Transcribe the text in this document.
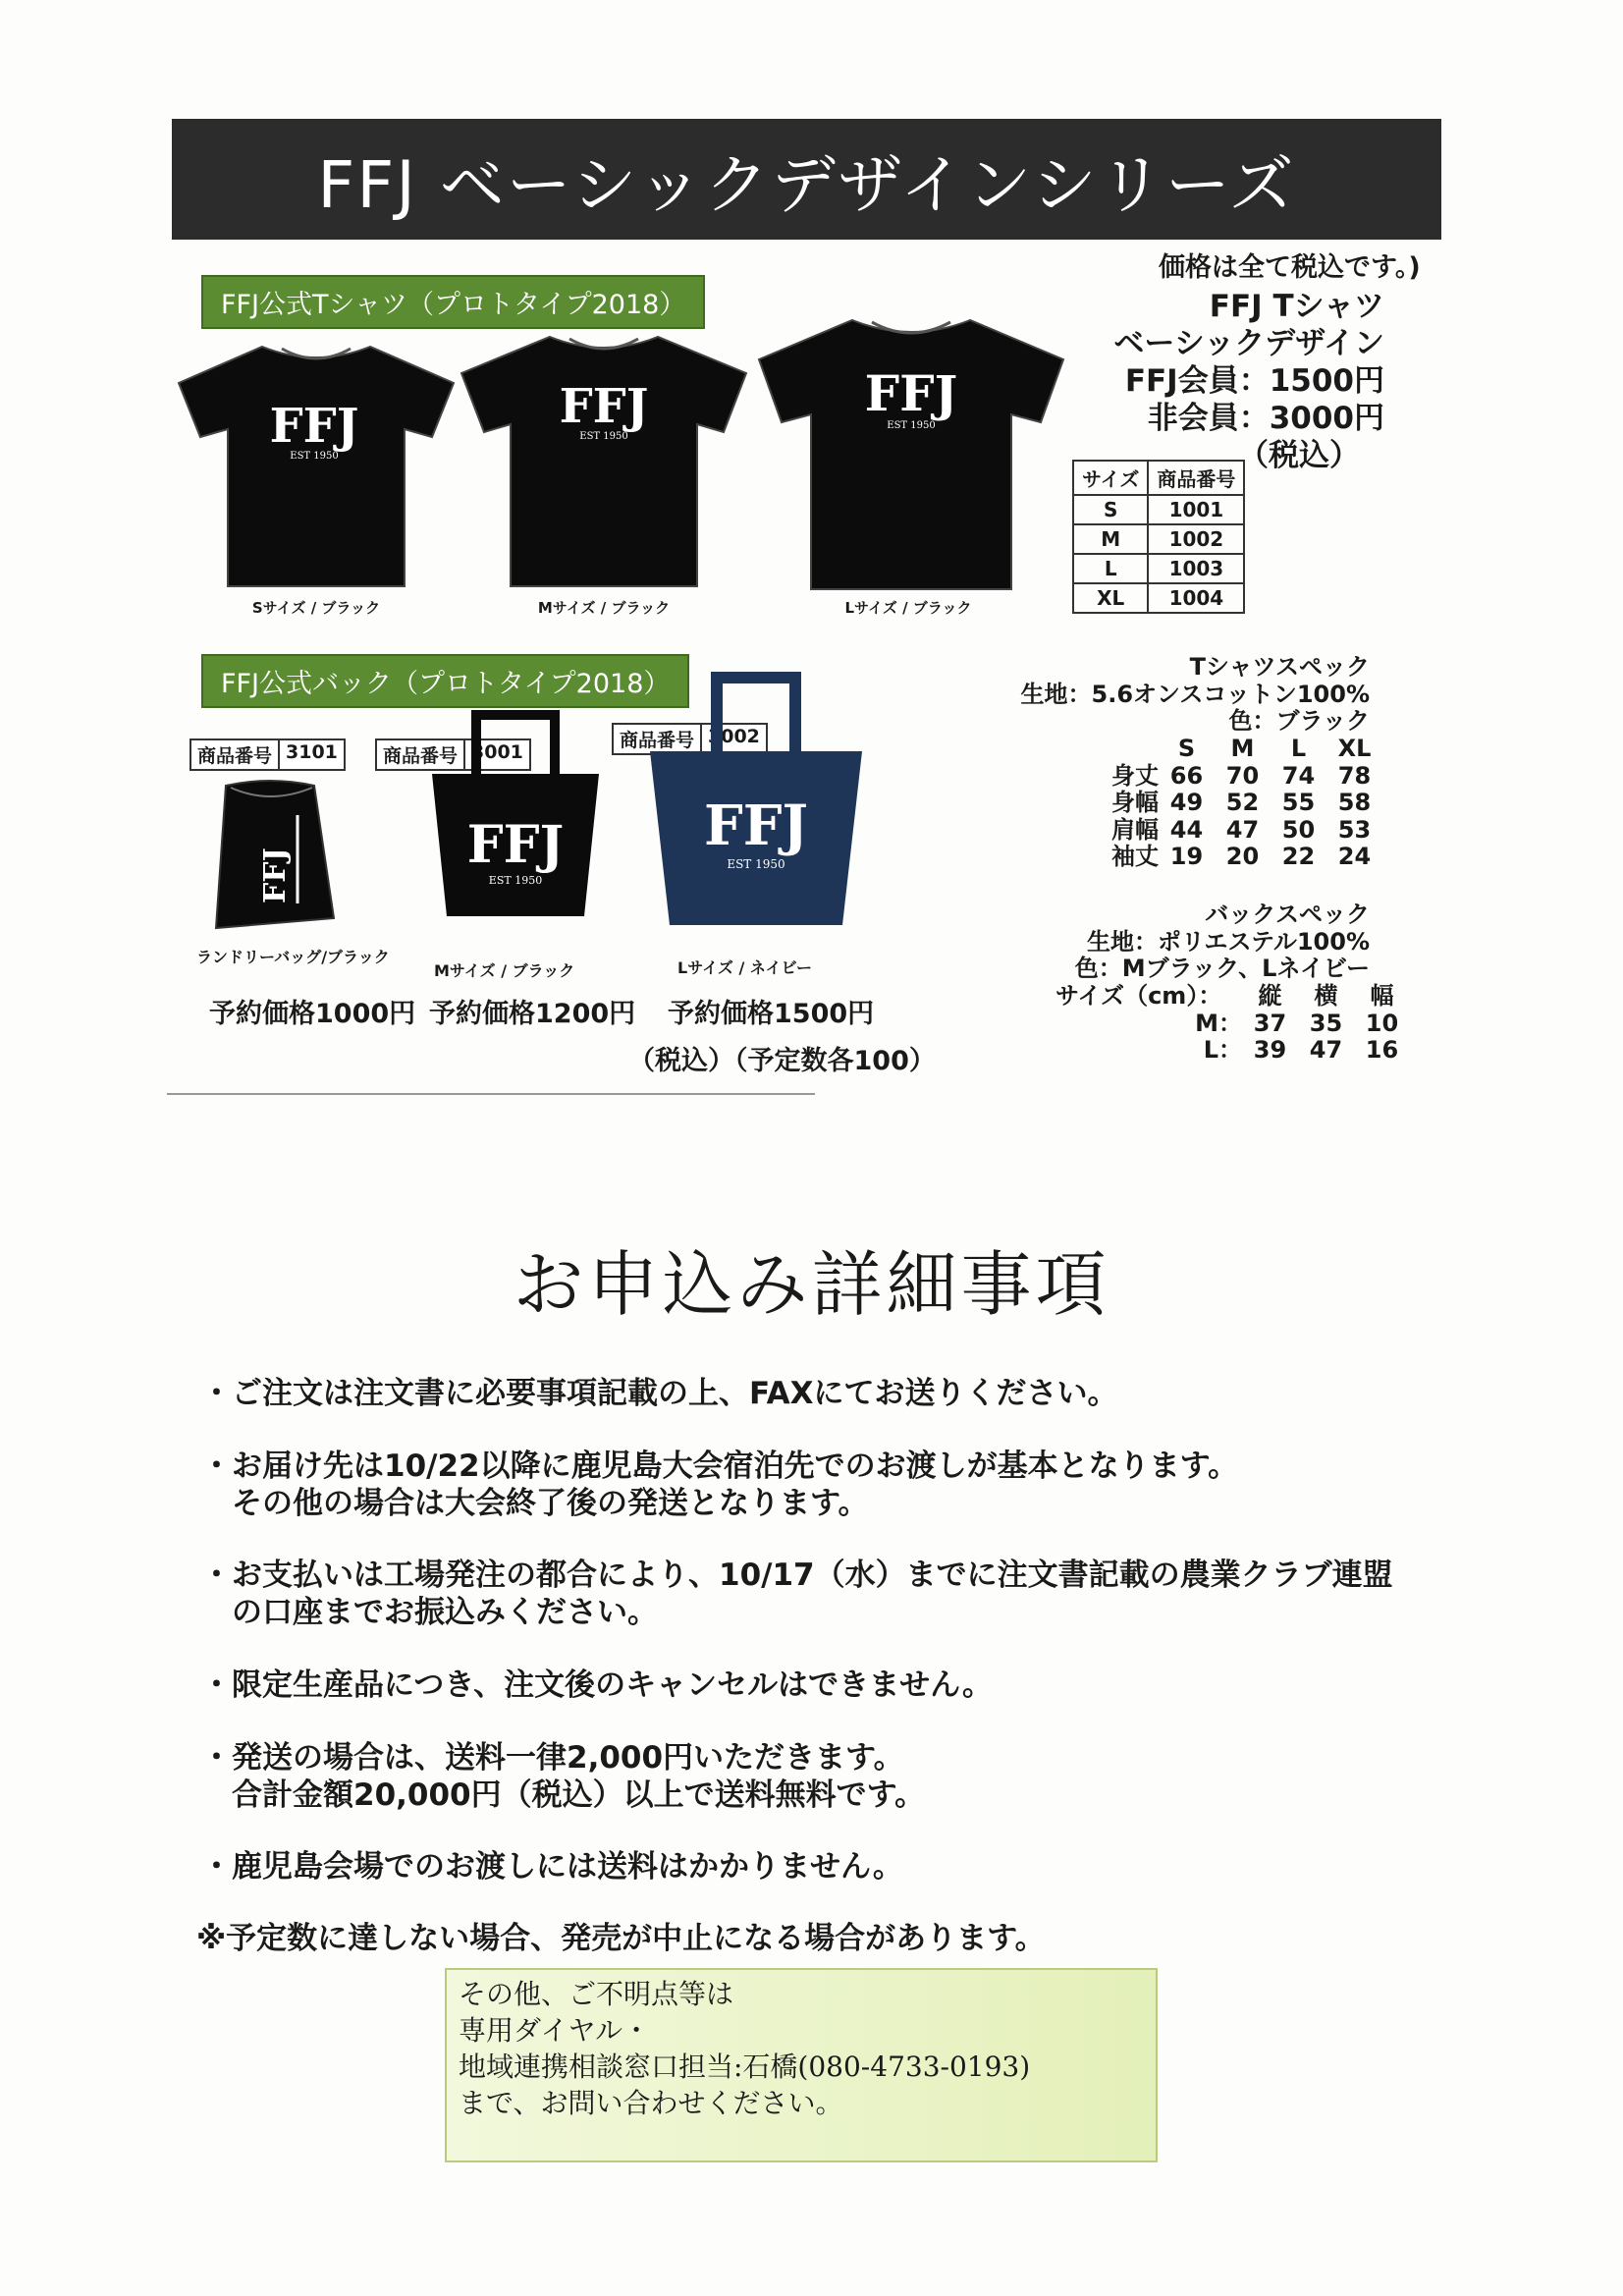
FFJ ベーシックデザインシリーズ
価格は全て税込です。)
FFJ公式Tシャツ（プロトタイプ2018）
FFJ
EST 1950
Sサイズ / ブラック
FFJ
EST 1950
Mサイズ / ブラック
FFJ
EST 1950
Lサイズ / ブラック
FFJ Tシャツ
ベーシックデザイン
FFJ会員：1500円
非会員：3000円
（税込）
サイズ	商品番号
S	1001
M	1002
L	1003
XL	1004
Tシャツスペック
生地：5.6オンスコットン100%
色：ブラック
S	M	L	XL
身丈 66 70 74 78
身幅 49 52 55 58
肩幅 44 47 50 53
袖丈 19 20 22 24
FFJ公式バック（プロトタイプ2018）
商品番号 3101
FFJ
ランドリーバッグ/ブラック
予約価格1000円
商品番号 3001
FFJ
EST 1950
Mサイズ / ブラック
予約価格1200円
商品番号 3002
FFJ
EST 1950
Lサイズ / ネイビー
予約価格1500円
（税込）（予定数各100）
バックスペック
生地：ポリエステル100%
色：Mブラック、Lネイビー
サイズ（cm）：	縦	横	幅
M： 37 35 10
L： 39 47 16
お申込み詳細事項
・ご注文は注文書に必要事項記載の上、FAXにてお送りください。
・お届け先は10/22以降に鹿児島大会宿泊先でのお渡しが基本となります。
　その他の場合は大会終了後の発送となります。
・お支払いは工場発注の都合により、10/17（水）までに注文書記載の農業クラブ連盟
　の口座までお振込みください。
・限定生産品につき、注文後のキャンセルはできません。
・発送の場合は、送料一律2,000円いただきます。
　合計金額20,000円（税込）以上で送料無料です。
・鹿児島会場でのお渡しには送料はかかりません。
※予定数に達しない場合、発売が中止になる場合があります。
その他、ご不明点等は
専用ダイヤル・
地域連携相談窓口担当:石橋(080-4733-0193)
まで、お問い合わせください。
